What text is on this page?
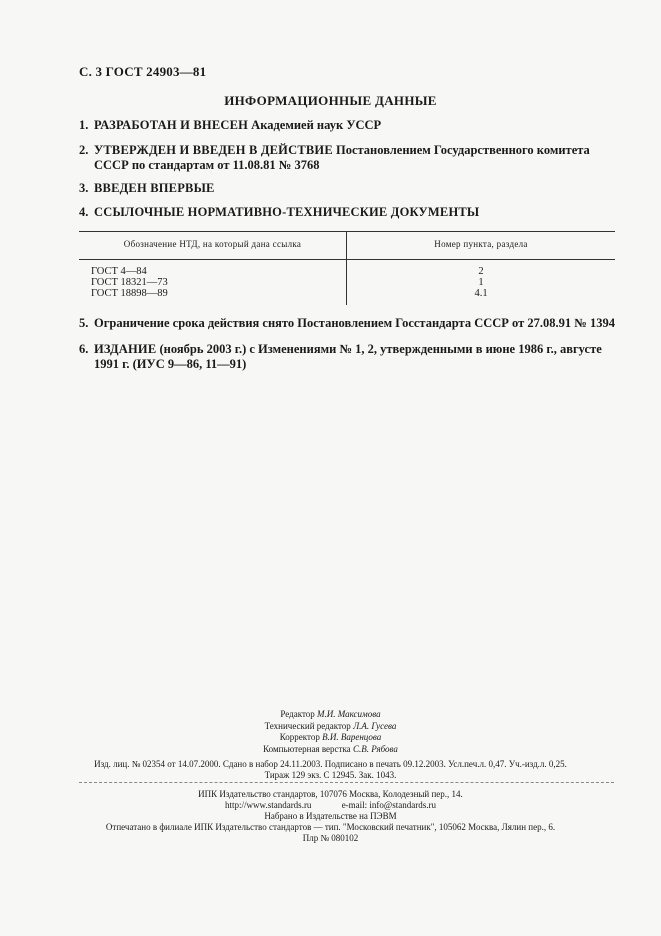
С. 3 ГОСТ 24903—81
ИНФОРМАЦИОННЫЕ ДАННЫЕ
1. РАЗРАБОТАН И ВНЕСЕН Академией наук УССР
2. УТВЕРЖДЕН И ВВЕДЕН В ДЕЙСТВИЕ Постановлением Государственного комитета СССР по стандартам от 11.08.81 № 3768
3. ВВЕДЕН ВПЕРВЫЕ
4. ССЫЛОЧНЫЕ НОРМАТИВНО-ТЕХНИЧЕСКИЕ ДОКУМЕНТЫ
Обозначение НТД, на который дана ссылка	Номер пункта, раздела
ГОСТ 4—84
ГОСТ 18321—73
ГОСТ 18898—89
2
1
4.1
5. Ограничение срока действия снято Постановлением Госстандарта СССР от 27.08.91 № 1394
6. ИЗДАНИЕ (ноябрь 2003 г.) с Изменениями № 1, 2, утвержденными в июне 1986 г., августе 1991 г. (ИУС 9—86, 11—91)
Редактор М.И. Максимова
Технический редактор Л.А. Гусева
Корректор В.И. Варенцова
Компьютерная верстка С.В. Рябова
Изд. лиц. № 02354 от 14.07.2000. Сдано в набор 24.11.2003. Подписано в печать 09.12.2003. Усл.печ.л. 0,47. Уч.-изд.л. 0,25.
Тираж 129 экз. С 12945. Зак. 1043.
ИПК Издательство стандартов, 107076 Москва, Колодезный пер., 14.
http://www.standards.ru	e-mail: info@standards.ru
Набрано в Издательстве на ПЭВМ
Отпечатано в филиале ИПК Издательство стандартов — тип. "Московский печатник", 105062 Москва, Лялин пер., 6.
Плр № 080102
